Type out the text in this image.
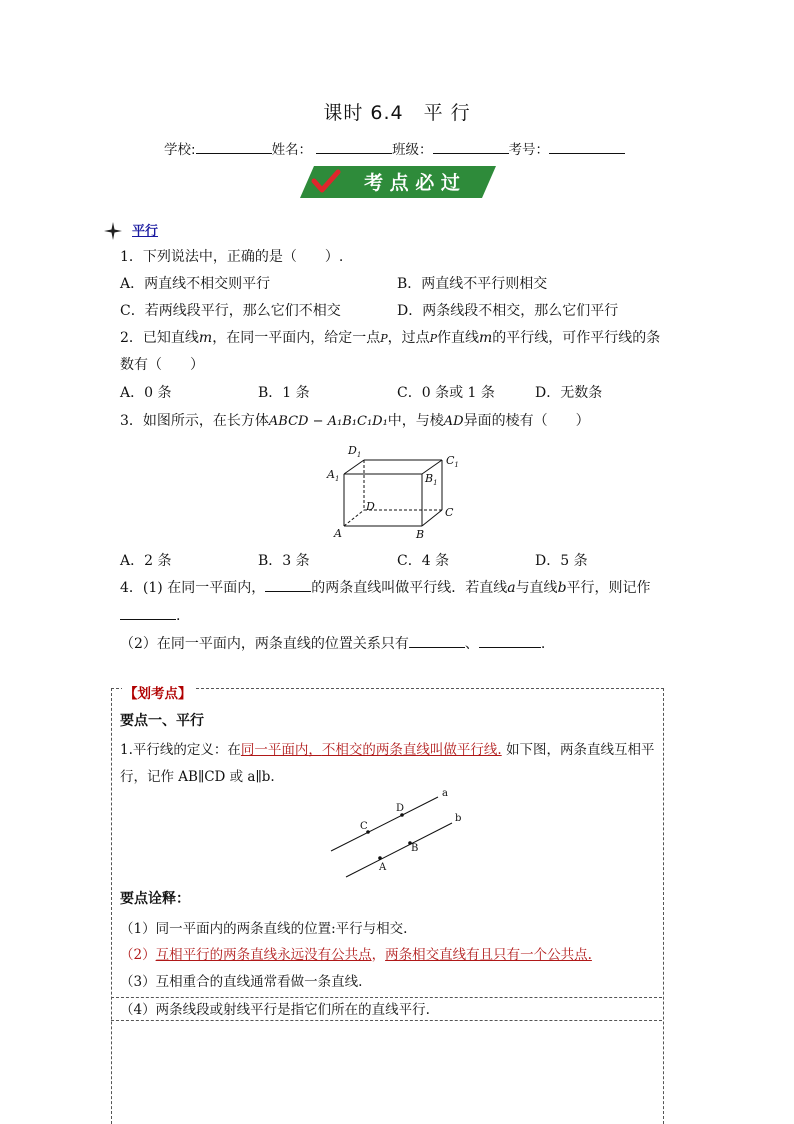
课时 6.4　平 行
学校:	姓名：	班级：	考号：
考 点 必 过
平行
1．下列说法中，正确的是（　　）.
A．两直线不相交则平行	B．两直线不平行则相交
C．若两线段平行，那么它们不相交	D．两条线段不相交，那么它们平行
2．已知直线m，在同一平面内，给定一点P，过点P作直线m的平行线，可作平行线的条
数有（　　）
A．0 条	B．1 条	C．0 条或 1 条	D．无数条
3．如图所示，在长方体ABCD − A₁B₁C₁D₁中，与棱AD异面的棱有（　　）
$D_1$	$C_1$
$A_1$	$B_1$
D	C
A	B
A．2 条	B．3 条	C．4 条	D．5 条
4．(1) 在同一平面内，	的两条直线叫做平行线．若直线a与直线b平行，则记作
.
（2）在同一平面内，两条直线的位置关系只有	、	.
【划考点】
要点一、平行
1.平行线的定义：在同一平面内，不相交的两条直线叫做平行线. 如下图，两条直线互相平
行，记作 AB∥CD 或 a∥b.
a
b
C
D
A
B
要点诠释：
（1）同一平面内的两条直线的位置:平行与相交.
（2）互相平行的两条直线永远没有公共点，两条相交直线有且只有一个公共点.
（3）互相重合的直线通常看做一条直线.
（4）两条线段或射线平行是指它们所在的直线平行.
